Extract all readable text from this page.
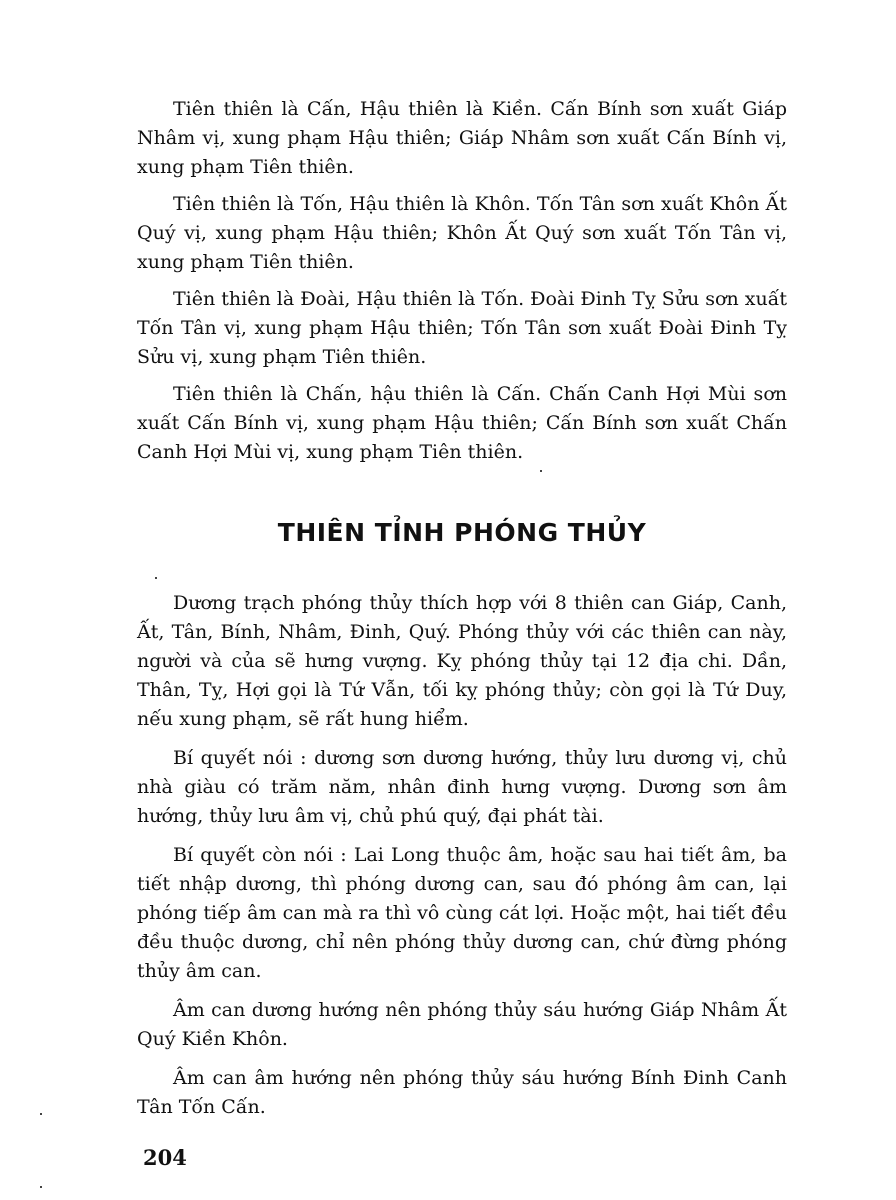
Tiên thiên là Cấn, Hậu thiên là Kiền. Cấn Bính sơn xuất Giáp Nhâm vị, xung phạm Hậu thiên; Giáp Nhâm sơn xuất Cấn Bính vị, xung phạm Tiên thiên.

Tiên thiên là Tốn, Hậu thiên là Khôn. Tốn Tân sơn xuất Khôn Ất Quý vị, xung phạm Hậu thiên; Khôn Ất Quý sơn xuất Tốn Tân vị, xung phạm Tiên thiên.

Tiên thiên là Đoài, Hậu thiên là Tốn. Đoài Đinh Tỵ Sửu sơn xuất Tốn Tân vị, xung phạm Hậu thiên; Tốn Tân sơn xuất Đoài Đinh Tỵ Sửu vị, xung phạm Tiên thiên.

Tiên thiên là Chấn, hậu thiên là Cấn. Chấn Canh Hợi Mùi sơn xuất Cấn Bính vị, xung phạm Hậu thiên; Cấn Bính sơn xuất Chấn Canh Hợi Mùi vị, xung phạm Tiên thiên.

THIÊN TỈNH PHÓNG THỦY

Dương trạch phóng thủy thích hợp với 8 thiên can Giáp, Canh, Ất, Tân, Bính, Nhâm, Đinh, Quý. Phóng thủy với các thiên can này, người và của sẽ hưng vượng. Kỵ phóng thủy tại 12 địa chi. Dần, Thân, Tỵ, Hợi gọi là Tứ Vẫn, tối kỵ phóng thủy; còn gọi là Tứ Duy, nếu xung phạm, sẽ rất hung hiểm.

Bí quyết nói : dương sơn dương hướng, thủy lưu dương vị, chủ nhà giàu có trăm năm, nhân đinh hưng vượng. Dương sơn âm hướng, thủy lưu âm vị, chủ phú quý, đại phát tài.

Bí quyết còn nói : Lai Long thuộc âm, hoặc sau hai tiết âm, ba tiết nhập dương, thì phóng dương can, sau đó phóng âm can, lại phóng tiếp âm can mà ra thì vô cùng cát lợi. Hoặc một, hai tiết đều đều thuộc dương, chỉ nên phóng thủy dương can, chứ đừng phóng thủy âm can.

Âm can dương hướng nên phóng thủy sáu hướng Giáp Nhâm Ất Quý Kiền Khôn.

Âm can âm hướng nên phóng thủy sáu hướng Bính Đinh Canh Tân Tốn Cấn.

204
